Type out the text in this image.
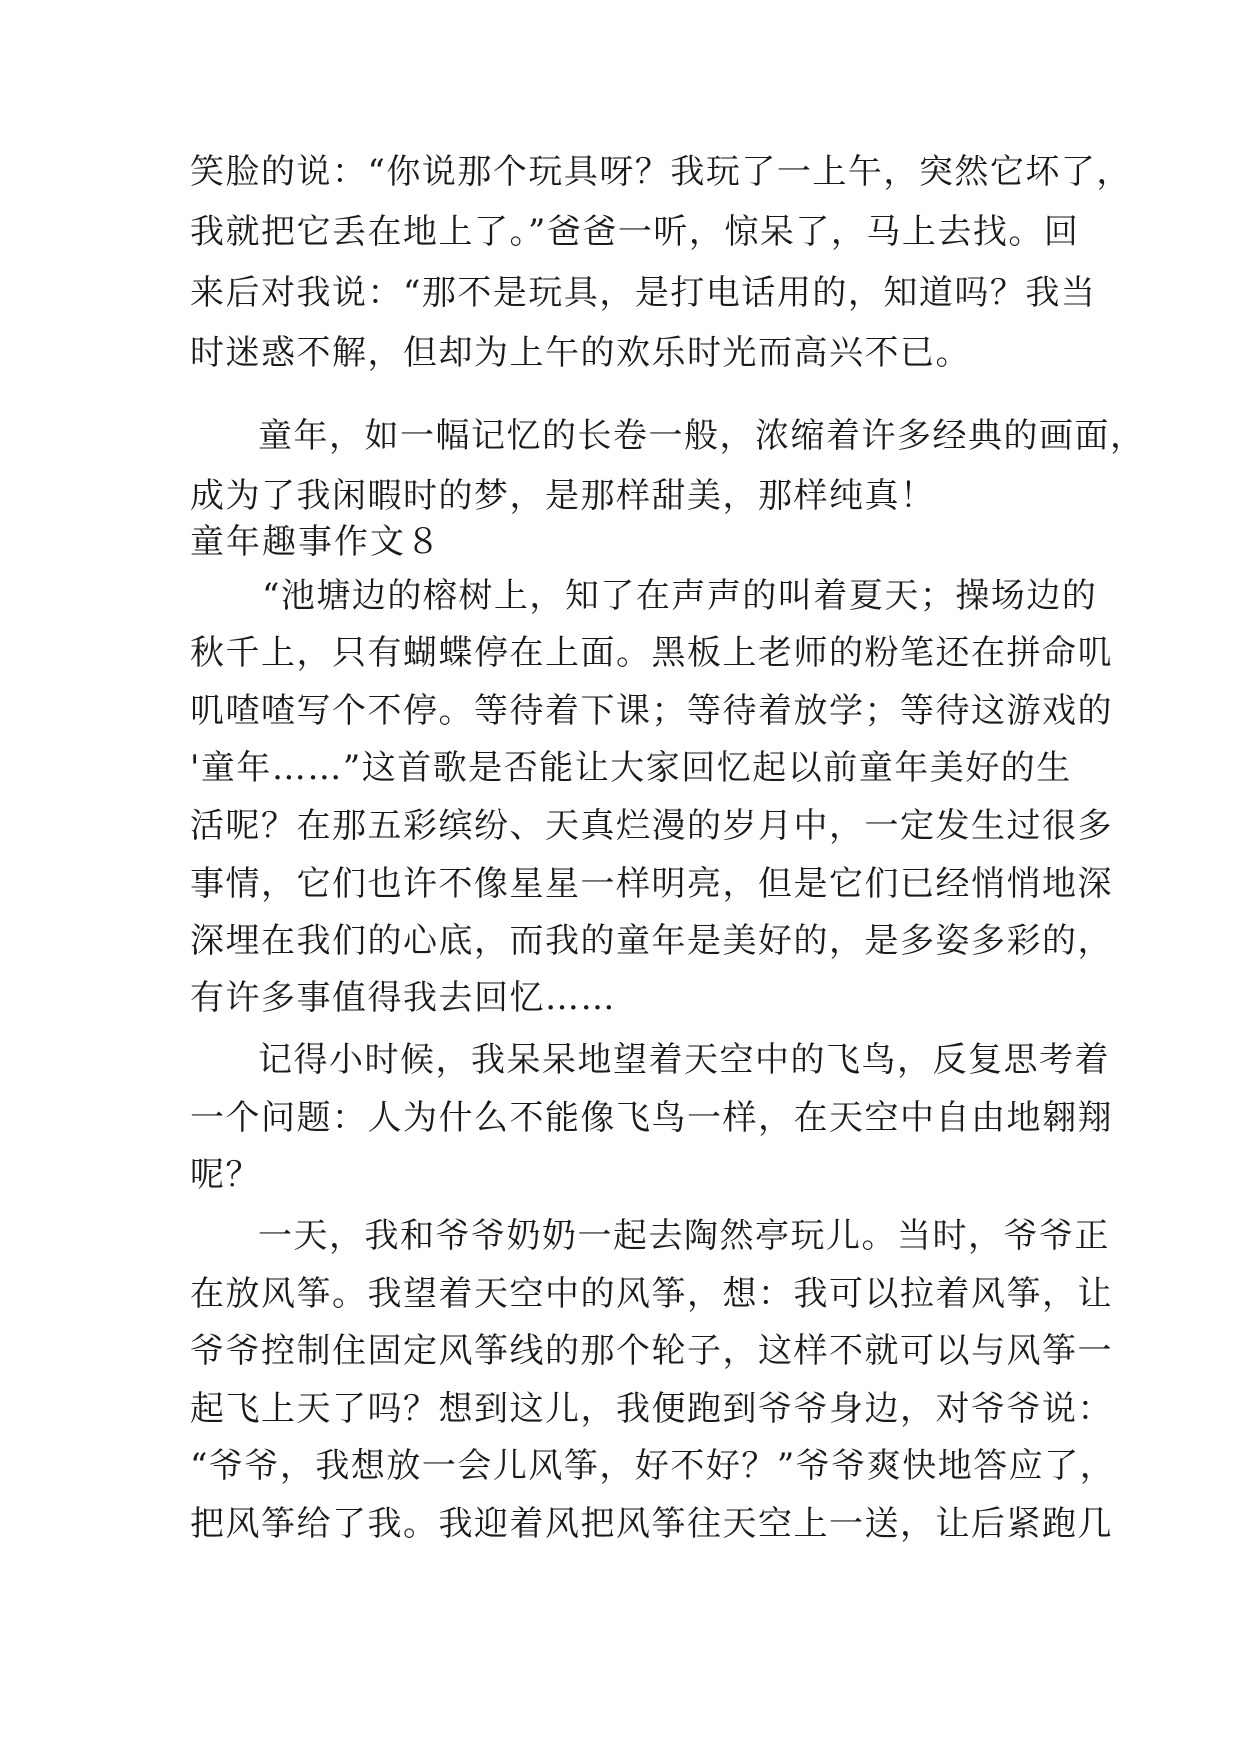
笑脸的说：“你说那个玩具呀？我玩了一上午，突然它坏了，
我就把它丢在地上了。”爸爸一听，惊呆了，马上去找。回
来后对我说：“那不是玩具，是打电话用的，知道吗？我当
时迷惑不解，但却为上午的欢乐时光而高兴不已。
童年，如一幅记忆的长卷一般，浓缩着许多经典的画面，
成为了我闲暇时的梦，是那样甜美，那样纯真！
童年趣事作文８
“池塘边的榕树上，知了在声声的叫着夏天；操场边的
秋千上，只有蝴蝶停在上面。黑板上老师的粉笔还在拼命叽
叽喳喳写个不停。等待着下课；等待着放学；等待这游戏的
'童年……”这首歌是否能让大家回忆起以前童年美好的生
活呢？在那五彩缤纷、天真烂漫的岁月中，一定发生过很多
事情，它们也许不像星星一样明亮，但是它们已经悄悄地深
深埋在我们的心底，而我的童年是美好的，是多姿多彩的，
有许多事值得我去回忆……
记得小时候，我呆呆地望着天空中的飞鸟，反复思考着
一个问题：人为什么不能像飞鸟一样，在天空中自由地翱翔
呢？
一天，我和爷爷奶奶一起去陶然亭玩儿。当时，爷爷正
在放风筝。我望着天空中的风筝，想：我可以拉着风筝，让
爷爷控制住固定风筝线的那个轮子，这样不就可以与风筝一
起飞上天了吗？想到这儿，我便跑到爷爷身边，对爷爷说：
“爷爷，我想放一会儿风筝，好不好？”爷爷爽快地答应了，
把风筝给了我。我迎着风把风筝往天空上一送，让后紧跑几
